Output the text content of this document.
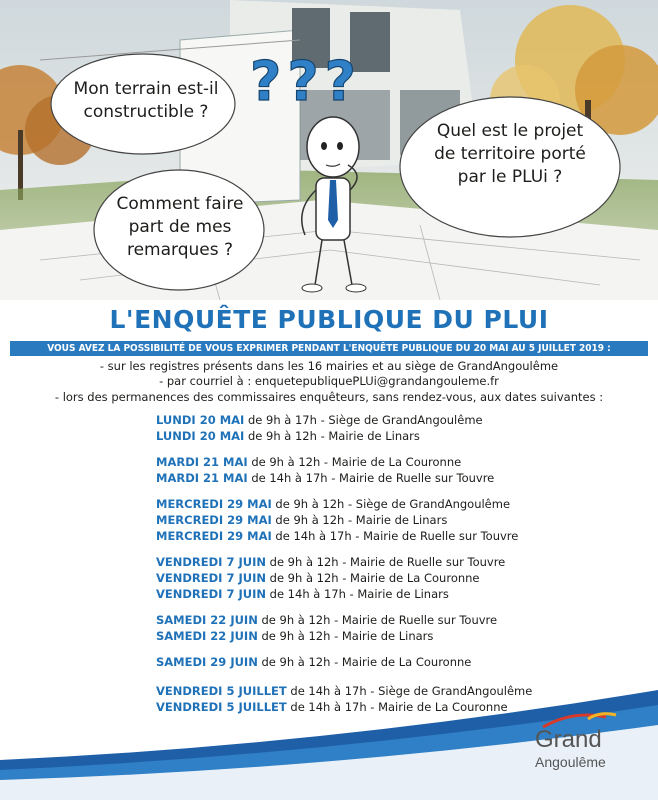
???
Mon terrain est-il
constructible ?
Quel est le projet
de territoire porté
par le PLUi ?
Comment faire
part de mes
remarques ?
L'ENQUÊTE PUBLIQUE DU PLUI
VOUS AVEZ LA POSSIBILITÉ DE VOUS EXPRIMER PENDANT L'ENQUÊTE PUBLIQUE DU 20 MAI AU 5 JUILLET 2019 :
- sur les registres présents dans les 16 mairies et au siège de GrandAngoulême
- par courriel à : enquetepubliquePLUi@grandangouleme.fr
- lors des permanences des commissaires enquêteurs, sans rendez-vous, aux dates suivantes :
LUNDI 20 MAI de 9h à 17h - Siège de GrandAngoulême
LUNDI 20 MAI de 9h à 12h - Mairie de Linars
MARDI 21 MAI de 9h à 12h - Mairie de La Couronne
MARDI 21 MAI de 14h à 17h - Mairie de Ruelle sur Touvre
MERCREDI 29 MAI de 9h à 12h - Siège de GrandAngoulême
MERCREDI 29 MAI de 9h à 12h - Mairie de Linars
MERCREDI 29 MAI de 14h à 17h - Mairie de Ruelle sur Touvre
VENDREDI 7 JUIN de 9h à 12h - Mairie de Ruelle sur Touvre
VENDREDI 7 JUIN de 9h à 12h - Mairie de La Couronne
VENDREDI 7 JUIN de 14h à 17h - Mairie de Linars
SAMEDI 22 JUIN de 9h à 12h - Mairie de Ruelle sur Touvre
SAMEDI 22 JUIN de 9h à 12h - Mairie de Linars
SAMEDI 29 JUIN de 9h à 12h - Mairie de La Couronne
VENDREDI 5 JUILLET de 14h à 17h - Siège de GrandAngoulême
VENDREDI 5 JUILLET de 14h à 17h - Mairie de La Couronne
Grand
Angoulême
